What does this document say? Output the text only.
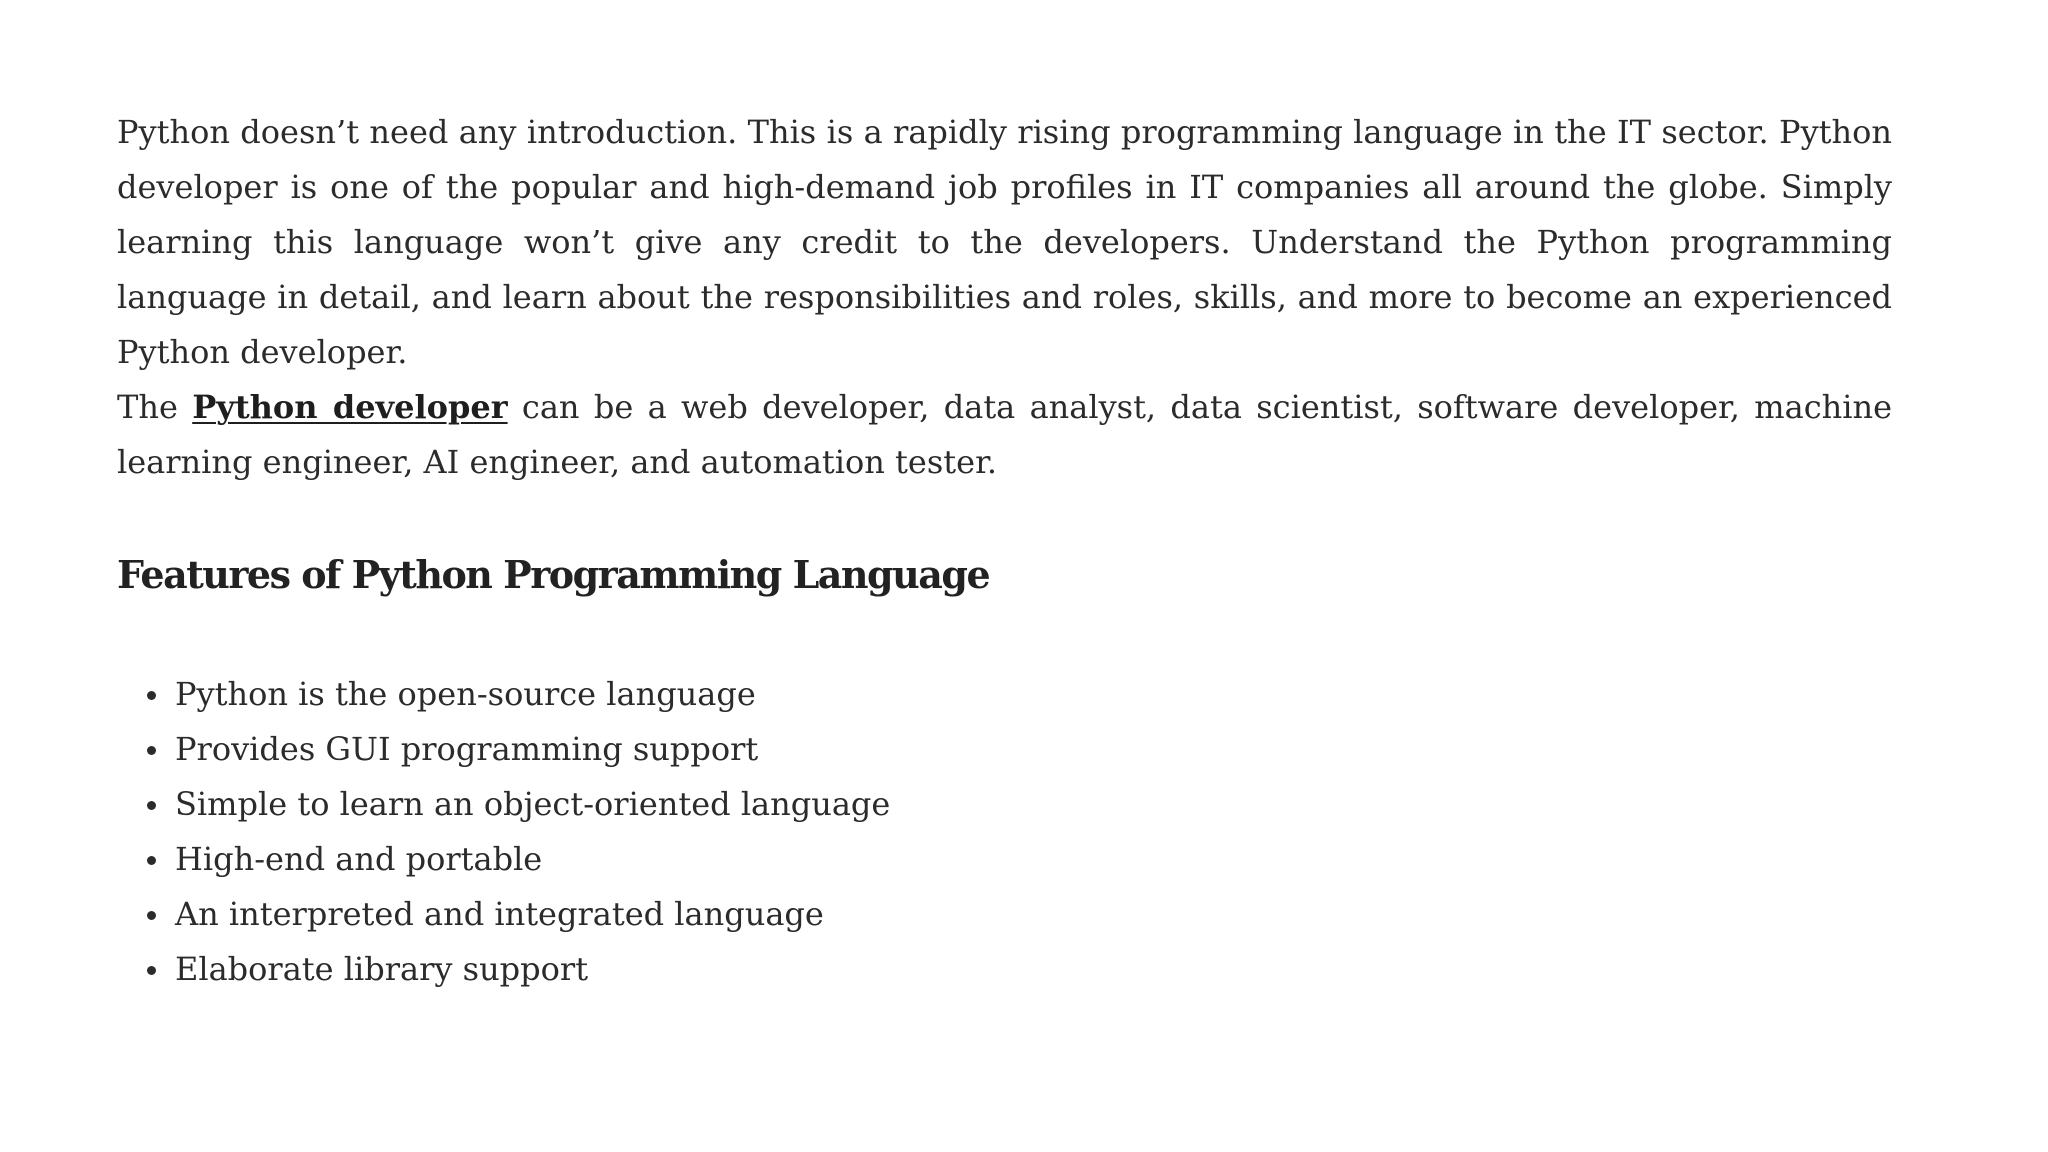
Python doesn’t need any introduction. This is a rapidly rising programming language in the IT sector. Python developer is one of the popular and high-demand job profiles in IT companies all around the globe. Simply learning this language won’t give any credit to the developers. Understand the Python programming language in detail, and learn about the responsibilities and roles, skills, and more to become an experienced Python developer.

The Python developer can be a web developer, data analyst, data scientist, software developer, machine learning engineer, AI engineer, and automation tester.

Features of Python Programming Language
Python is the open-source language
Provides GUI programming support
Simple to learn an object-oriented language
High-end and portable
An interpreted and integrated language
Elaborate library support
